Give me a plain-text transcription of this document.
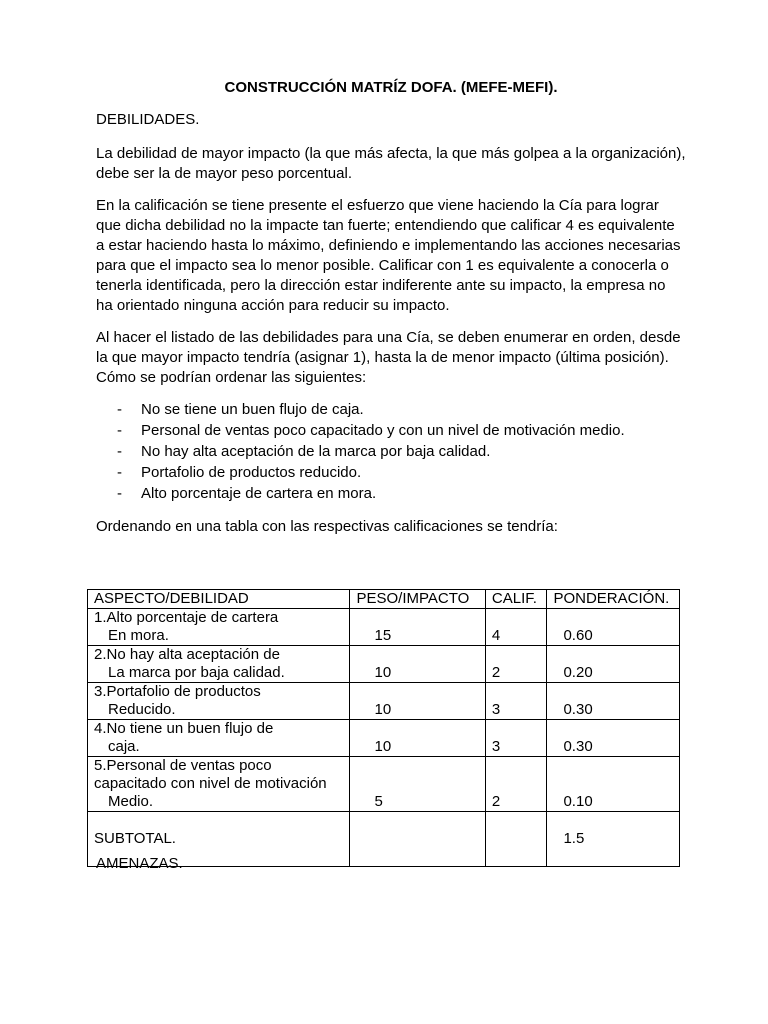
CONSTRUCCIÓN MATRÍZ DOFA. (MEFE-MEFI).

DEBILIDADES.

La debilidad de mayor impacto (la que más afecta, la que más golpea a la organización), debe ser la de mayor peso porcentual.

En la calificación se tiene presente el esfuerzo que viene haciendo la Cía para lograr que dicha debilidad no la impacte tan fuerte; entendiendo que calificar 4 es equivalente a estar haciendo hasta lo máximo, definiendo e implementando las acciones necesarias para que el impacto sea lo menor posible. Calificar con 1 es equivalente a conocerla o tenerla identificada, pero la dirección estar indiferente ante su impacto, la empresa no ha orientado ninguna acción para reducir su impacto.

Al hacer el listado de las debilidades para una Cía, se deben enumerar en orden, desde la que mayor impacto tendría (asignar 1), hasta la de menor impacto (última posición). Cómo se podrían ordenar las siguientes:

- No se tiene un buen flujo de caja.
- Personal de ventas poco capacitado y con un nivel de motivación medio.
- No hay alta aceptación de la marca por baja calidad.
- Portafolio de productos reducido.
- Alto porcentaje de cartera en mora.

Ordenando en una tabla con las respectivas calificaciones se tendría:

ASPECTO/DEBILIDAD	PESO/IMPACTO	CALIF.	PONDERACIÓN.

1.Alto porcentaje de cartera
En mora.	15	4	0.60

2.No hay alta aceptación de
La marca por baja calidad.	10	2	0.20

3.Portafolio de productos
Reducido.	10	3	0.30

4.No tiene un buen flujo de
caja.	10	3	0.30

5.Personal de ventas poco
capacitado con nivel de motivación
Medio.	5	2	0.10
SUBTOTAL.			1.5
AMENAZAS.
